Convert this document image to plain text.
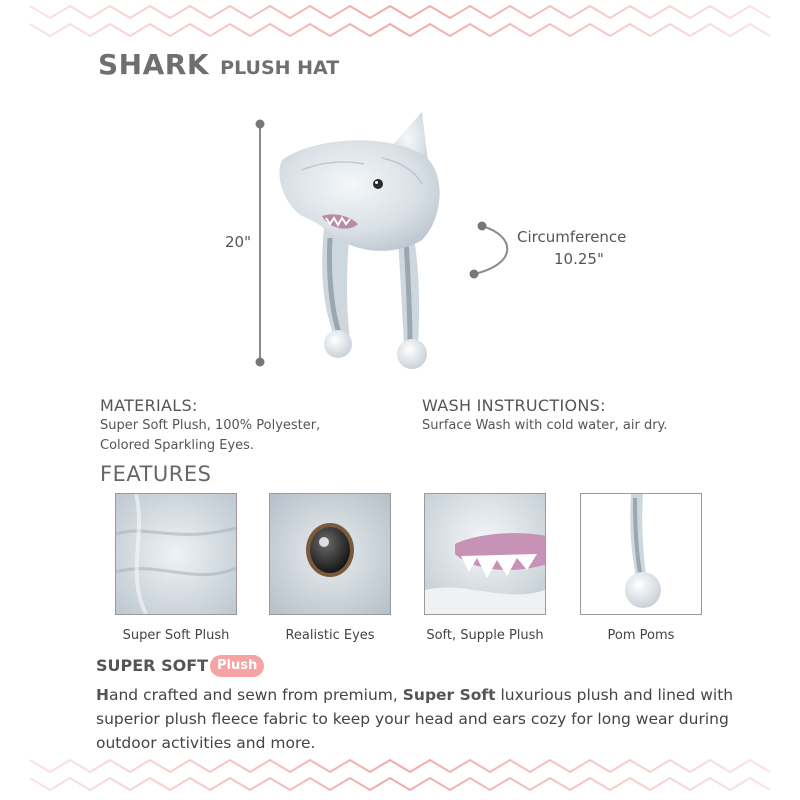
SHARK PLUSH HAT
20"	Circumference
10.25"
MATERIALS:
Super Soft Plush, 100% Polyester,
Colored Sparkling Eyes.
WASH INSTRUCTIONS:
Surface Wash with cold water, air dry.
FEATURES
Super Soft Plush	Realistic Eyes	Soft, Supple Plush	Pom Poms
SUPER SOFT Plush

Hand crafted and sewn from premium, Super Soft luxurious plush and lined with superior plush fleece fabric to keep your head and ears cozy for long wear during outdoor activities and more.
